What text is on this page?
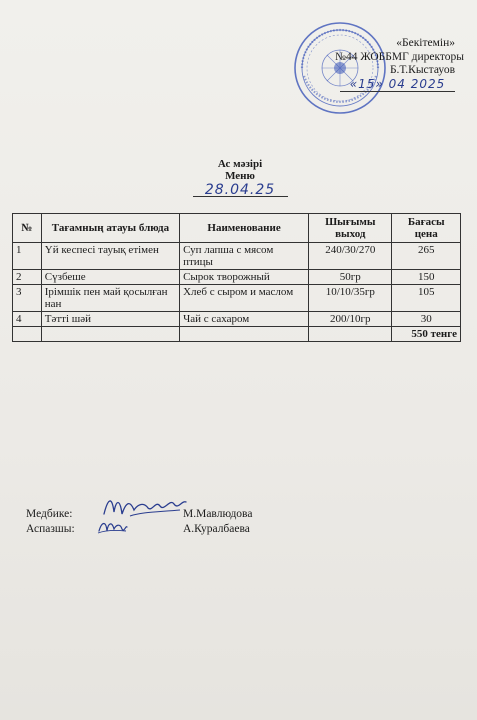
«Бекітемін»
№44 ЖОББМГ директоры
Б.Т.Кыстауов
«15» 04 2025
Ас мәзірі
Меню
28.04.25
№	Тағамның атауы блюда	Наименование	Шығымы выход	Бағасы цена
1	Үй кеспесі тауық етімен	Суп лапша с мясом птицы	240/30/270	265
2	Сүзбеше	Сырок творожный	50гр	150
3	Ірімшік пен май қосылған нан	Хлеб с сыром и маслом	10/10/35гр	105
4	Тәтті шәй	Чай с сахаром	200/10гр	30
				550 тенге
Медбике:	М.Мавлюдова
Аспазшы:	А.Куралбаева
